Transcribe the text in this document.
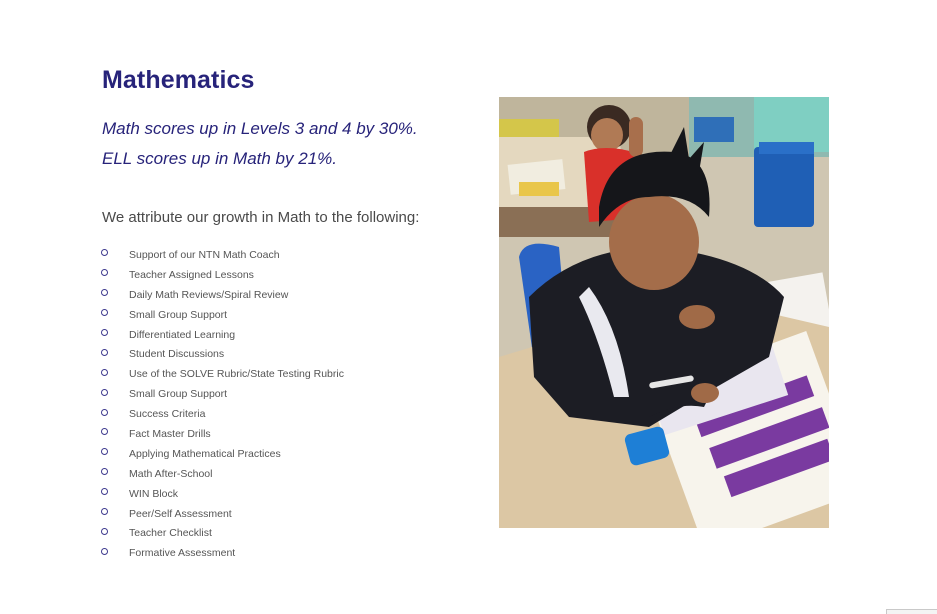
Mathematics

Math scores up in Levels 3 and 4 by 30%.

ELL scores up in Math by 21%.

We attribute our growth in Math to the following:

Support of our NTN Math Coach
Teacher Assigned Lessons
Daily Math Reviews/Spiral Review
Small Group Support
Differentiated Learning
Student Discussions
Use of the SOLVE Rubric/State Testing Rubric
Small Group Support
Success Criteria
Fact Master Drills
Applying Mathematical Practices
Math After-School
WIN Block
Peer/Self Assessment
Teacher Checklist
Formative Assessment
